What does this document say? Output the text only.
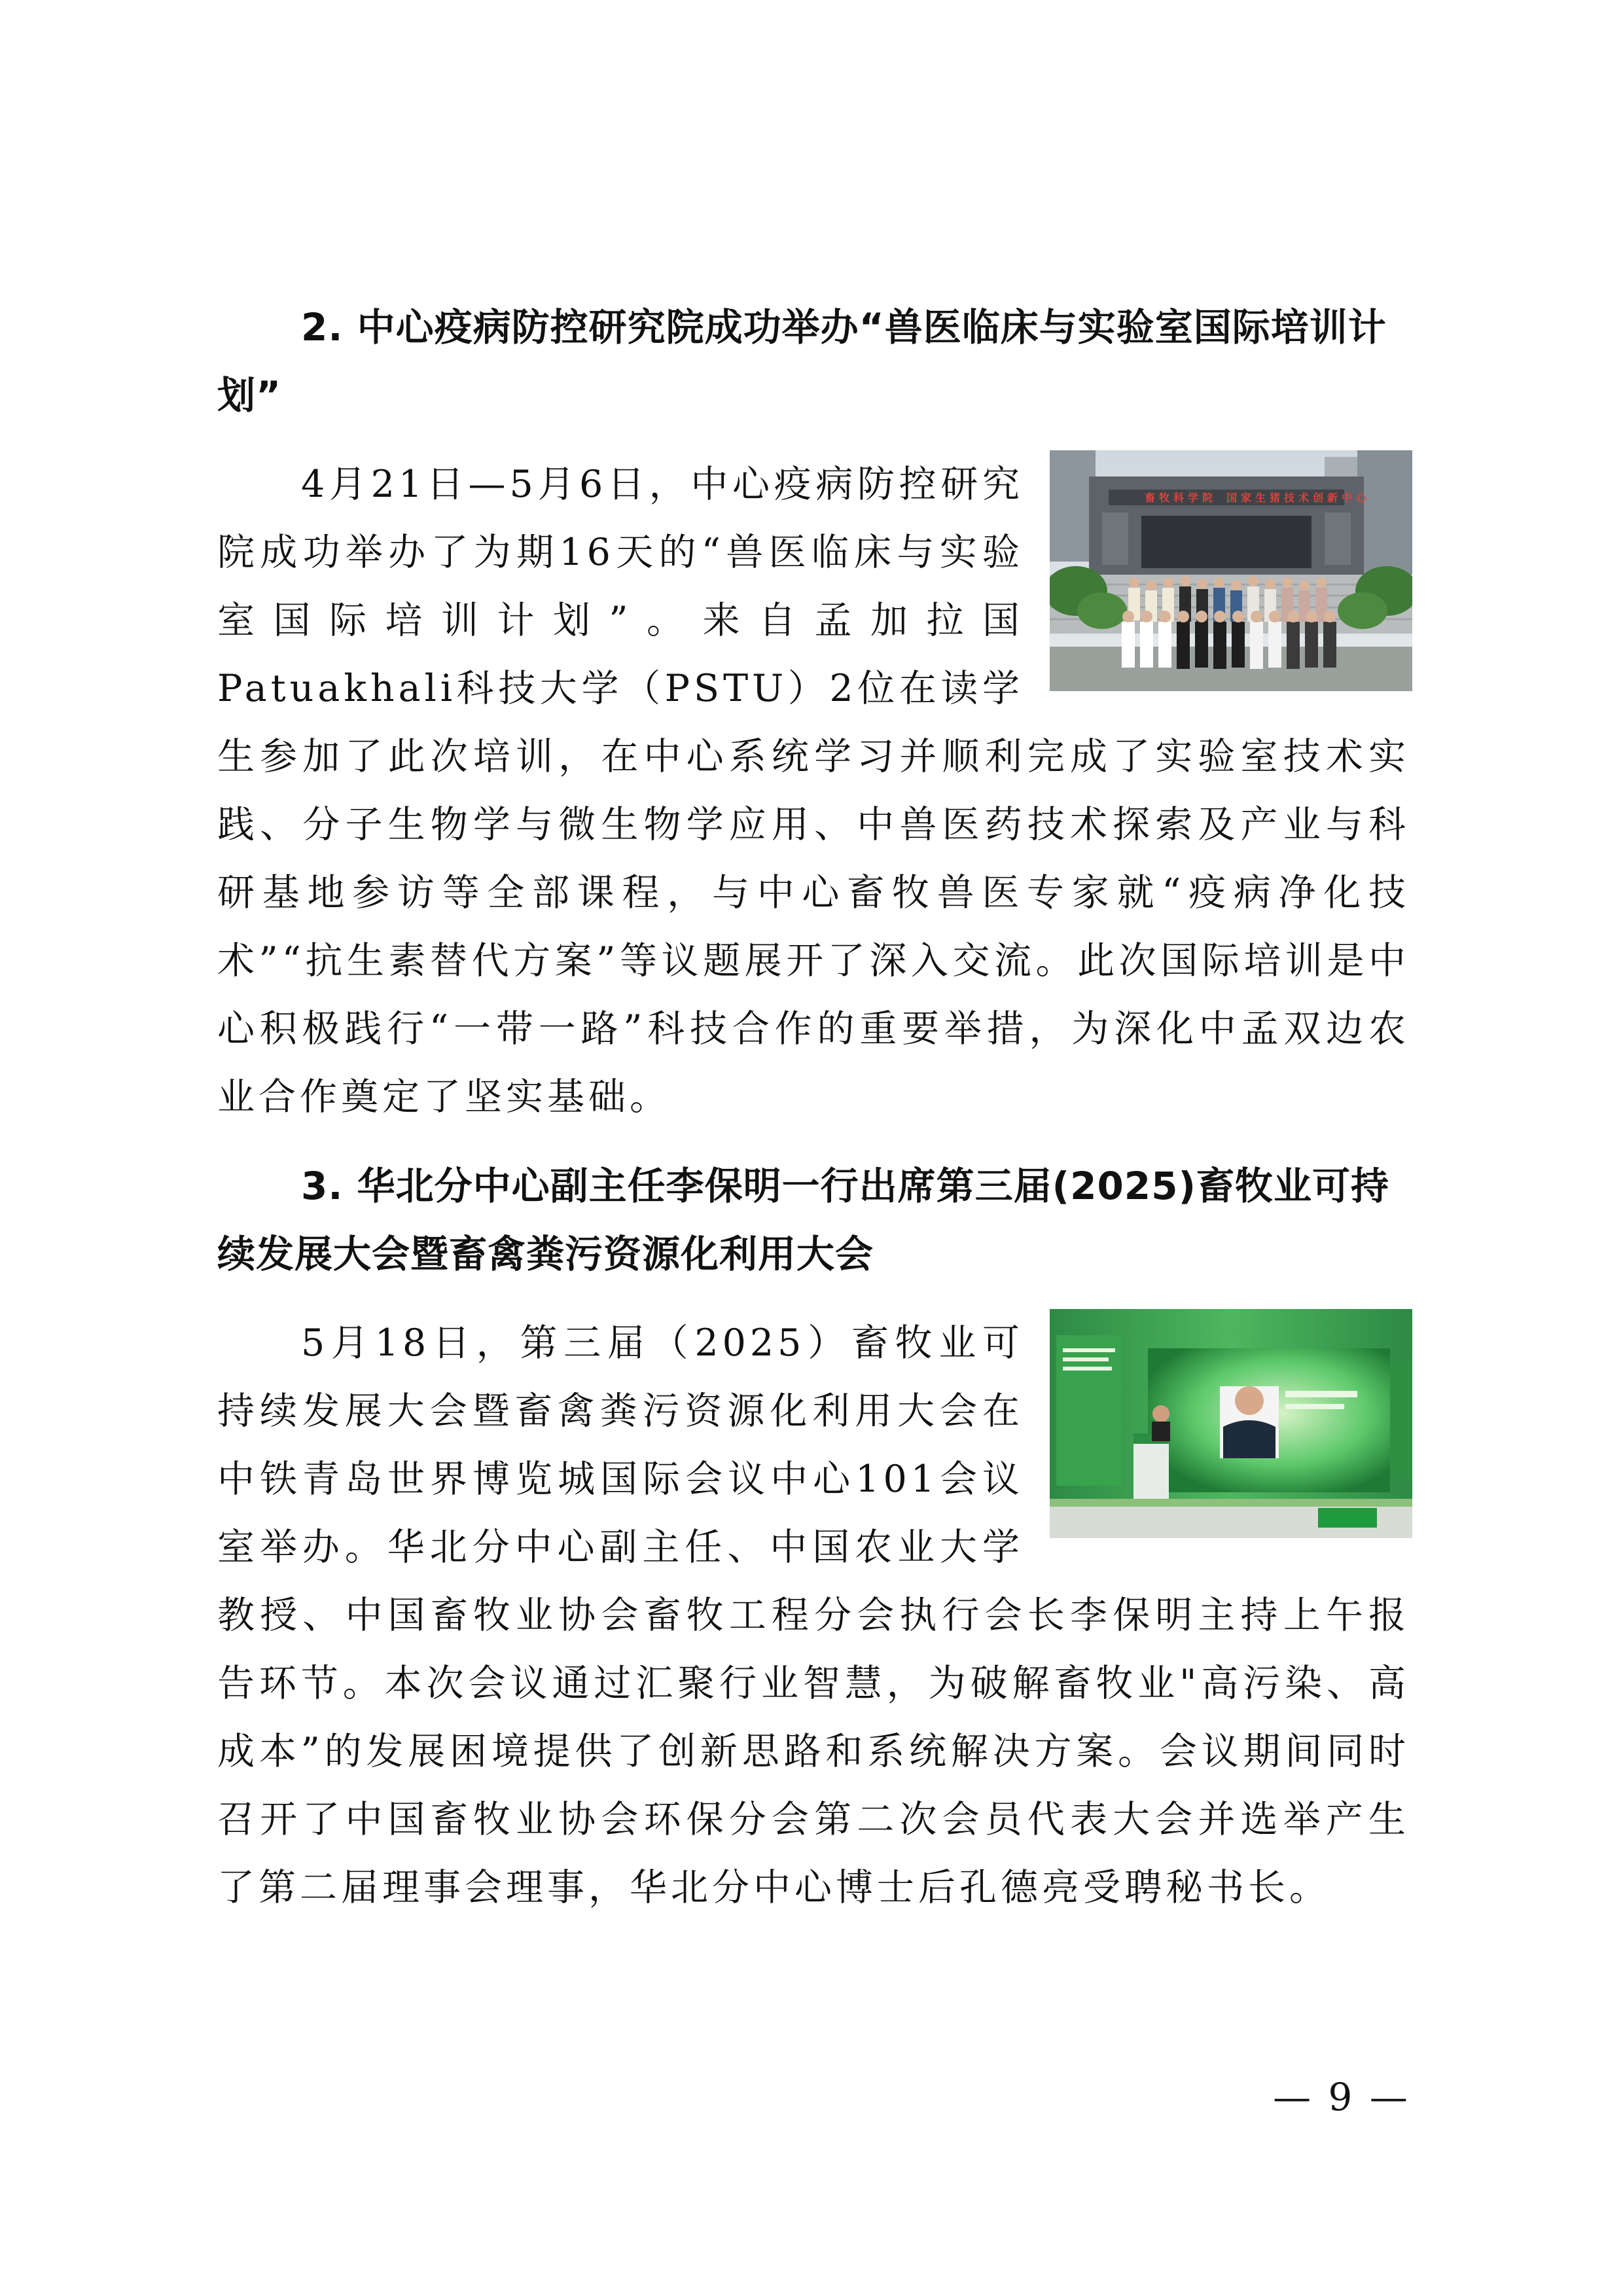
2. 中心疫病防控研究院成功举办“兽医临床与实验室国际培训计划”
畜牧科学院 国家生猪技术创新中心
4月21日—5月6日，中心疫病防控研究院成功举办了为期16天的“兽医临床与实验室国际培训计划”。来自孟加拉国Patuakhali科技大学（PSTU）2位在读学生参加了此次培训，在中心系统学习并顺利完成了实验室技术实践、分子生物学与微生物学应用、中兽医药技术探索及产业与科研基地参访等全部课程，与中心畜牧兽医专家就“疫病净化技术”“抗生素替代方案”等议题展开了深入交流。此次国际培训是中心积极践行“一带一路”科技合作的重要举措，为深化中孟双边农业合作奠定了坚实基础。
3. 华北分中心副主任李保明一行出席第三届(2025)畜牧业可持续发展大会暨畜禽粪污资源化利用大会
5月18日，第三届（2025）畜牧业可持续发展大会暨畜禽粪污资源化利用大会在中铁青岛世界博览城国际会议中心101会议室举办。华北分中心副主任、中国农业大学教授、中国畜牧业协会畜牧工程分会执行会长李保明主持上午报告环节。本次会议通过汇聚行业智慧，为破解畜牧业"高污染、高成本”的发展困境提供了创新思路和系统解决方案。会议期间同时召开了中国畜牧业协会环保分会第二次会员代表大会并选举产生了第二届理事会理事，华北分中心博士后孔德亮受聘秘书长。
— 9 —
